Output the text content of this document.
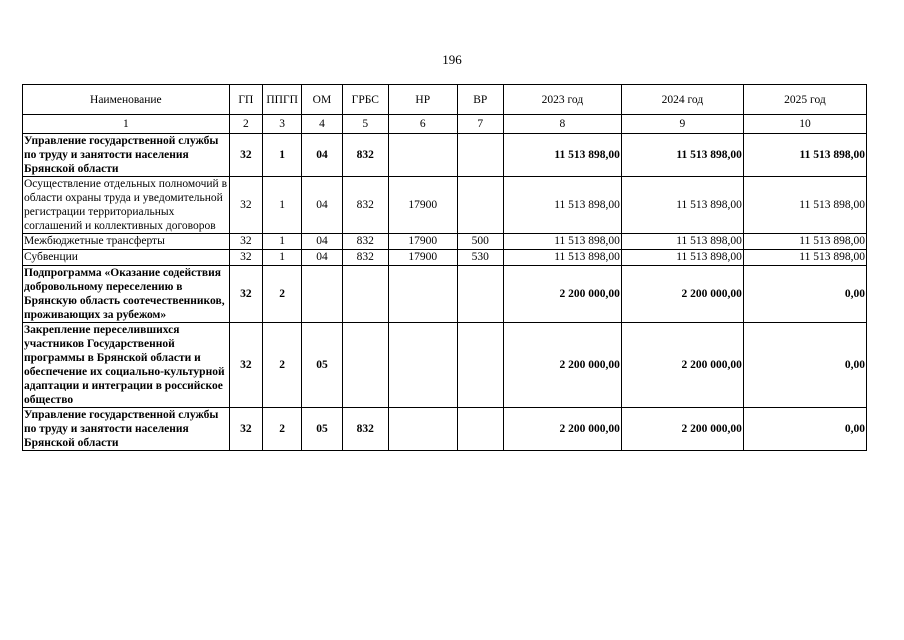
196
Наименование	ГП	ППГП	ОМ	ГРБС	НР	ВР	2023 год	2024 год	2025 год
1	2	3	4	5	6	7	8	9	10
Управление государственной службы по труду и занятости населения Брянской области	32	1	04	832			11 513 898,00	11 513 898,00	11 513 898,00
Осуществление отдельных полномочий в области охраны труда и уведомительной регистрации территориальных соглашений и коллективных договоров	32	1	04	832	17900		11 513 898,00	11 513 898,00	11 513 898,00
Межбюджетные трансферты	32	1	04	832	17900	500	11 513 898,00	11 513 898,00	11 513 898,00
Субвенции	32	1	04	832	17900	530	11 513 898,00	11 513 898,00	11 513 898,00
Подпрограмма «Оказание содействия добровольному переселению в Брянскую область соотечественников, проживающих за рубежом»	32	2					2 200 000,00	2 200 000,00	0,00
Закрепление переселившихся участников Государственной программы в Брянской области и обеспечение их социально-культурной адаптации и интеграции в российское общество	32	2	05				2 200 000,00	2 200 000,00	0,00
Управление государственной службы по труду и занятости населения Брянской области	32	2	05	832			2 200 000,00	2 200 000,00	0,00
